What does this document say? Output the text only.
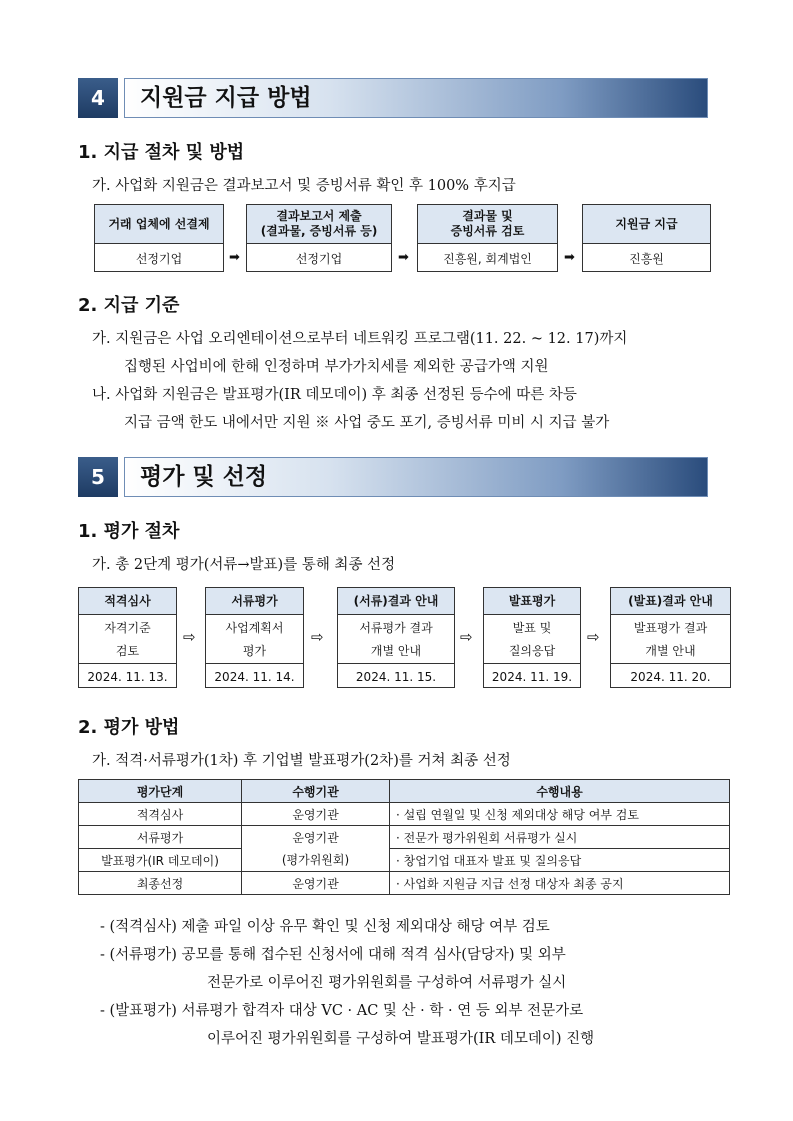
4	지원금 지급 방법
1. 지급 절차 및 방법
가. 사업화 지원금은 결과보고서 및 증빙서류 확인 후 100% 후지급
거래 업체에 선결제
선정기업	➡
결과보고서 제출
(결과물, 증빙서류 등)
선정기업	➡
결과물 및
증빙서류 검토
진흥원, 회계법인	➡
지원금 지급
진흥원
2. 지급 기준
가. 지원금은 사업 오리엔테이션으로부터 네트워킹 프로그램(11. 22. ~ 12. 17)까지
집행된 사업비에 한해 인정하며 부가가치세를 제외한 공급가액 지원
나. 사업화 지원금은 발표평가(IR 데모데이) 후 최종 선정된 등수에 따른 차등
지급 금액 한도 내에서만 지원 ※ 사업 중도 포기, 증빙서류 미비 시 지급 불가
5	평가 및 선정
1. 평가 절차
가. 총 2단계 평가(서류→발표)를 통해 최종 선정
적격심사
자격기준
검토
2024. 11. 13.
⇨
서류평가
사업계획서
평가
2024. 11. 14.
⇨
(서류)결과 안내
서류평가 결과
개별 안내
2024. 11. 15.
⇨
발표평가
발표 및
질의응답
2024. 11. 19.
⇨
(발표)결과 안내
발표평가 결과
개별 안내
2024. 11. 20.
2. 평가 방법
가. 적격·서류평가(1차) 후 기업별 발표평가(2차)를 거쳐 최종 선정
평가단계	수행기관	수행내용
적격심사	운영기관	· 설립 연월일 및 신청 제외대상 해당 여부 검토
서류평가	운영기관	· 전문가 평가위원회 서류평가 실시
발표평가(IR 데모데이)	(평가위원회)	· 창업기업 대표자 발표 및 질의응답
최종선정	운영기관	· 사업화 지원금 지급 선정 대상자 최종 공지
- (적격심사) 제출 파일 이상 유무 확인 및 신청 제외대상 해당 여부 검토
- (서류평가) 공모를 통해 접수된 신청서에 대해 적격 심사(담당자) 및 외부
전문가로 이루어진 평가위원회를 구성하여 서류평가 실시
- (발표평가) 서류평가 합격자 대상 VC · AC 및 산 · 학 · 연 등 외부 전문가로
이루어진 평가위원회를 구성하여 발표평가(IR 데모데이) 진행
